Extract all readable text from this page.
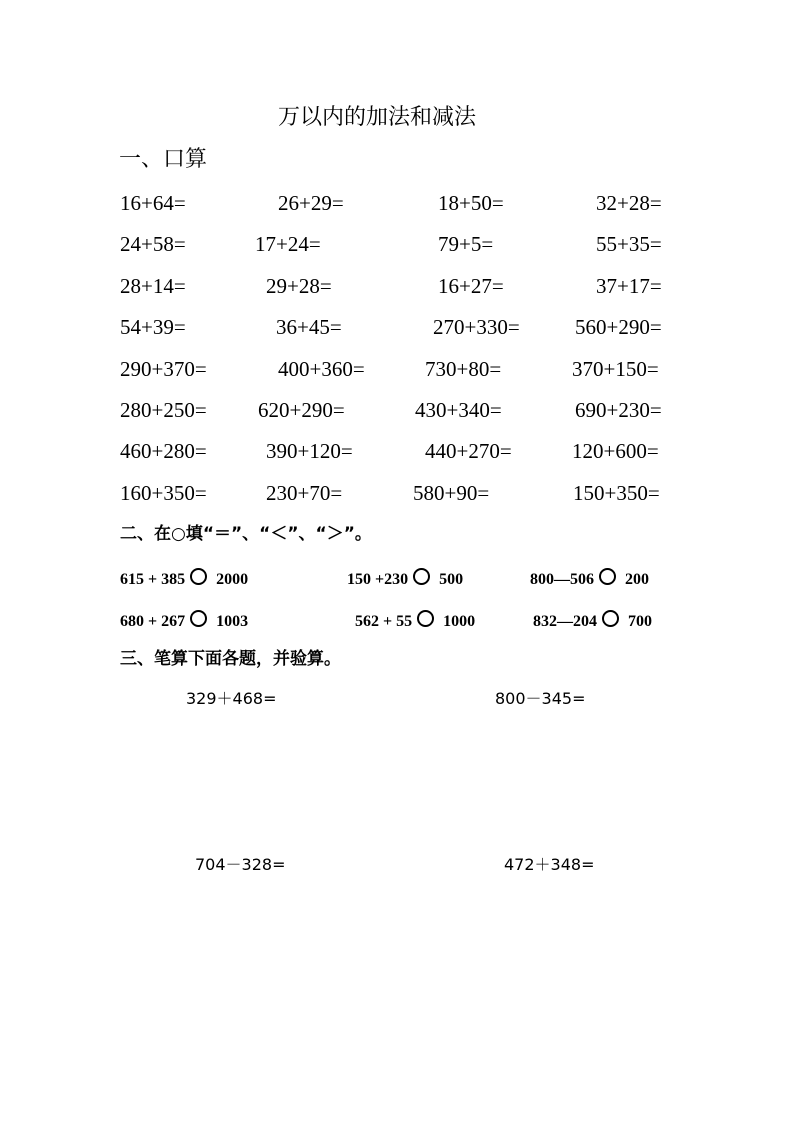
万以内的加法和减法
一、口算
16+64=	26+29=	18+50=	32+28=
24+58=	17+24=	79+5=	55+35=
28+14=	29+28=	16+27=	37+17=
54+39=	36+45=	270+330=	560+290=
290+370=	400+360=	730+80=	370+150=
280+250= 620+290=	430+340=	690+230=
460+280=	390+120=	440+270=	120+600=
160+350=	230+70=	580+90=	150+350=
二、在○填“＝”、“＜”、“＞”。
615 + 385 2000	150 +230 500	800—506 200
680 + 267 1003	562 + 55 1000	832—204 700
三、笔算下面各题，并验算。
329＋468=	800－345=
704－328=	472＋348=
